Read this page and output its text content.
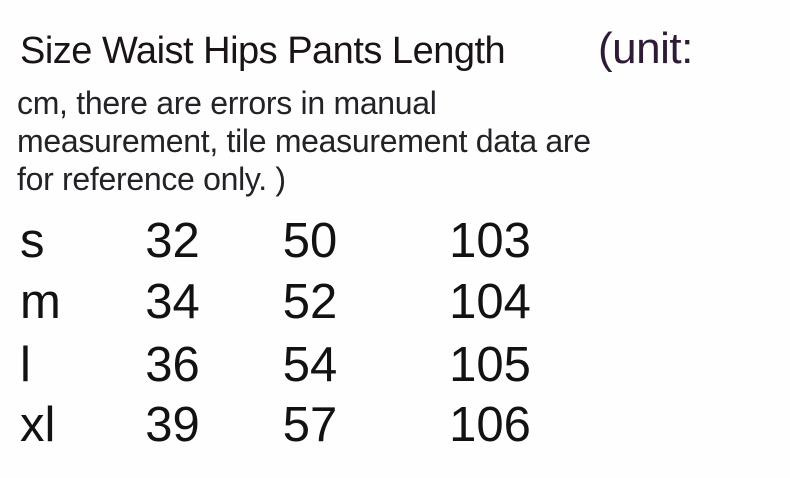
Size Waist Hips Pants Length (unit:
cm, there are errors in manual
measurement, tile measurement data are
for reference only. )
s	32	50	103
m	34	52	104
l	36	54	105
xl	39	57	106
